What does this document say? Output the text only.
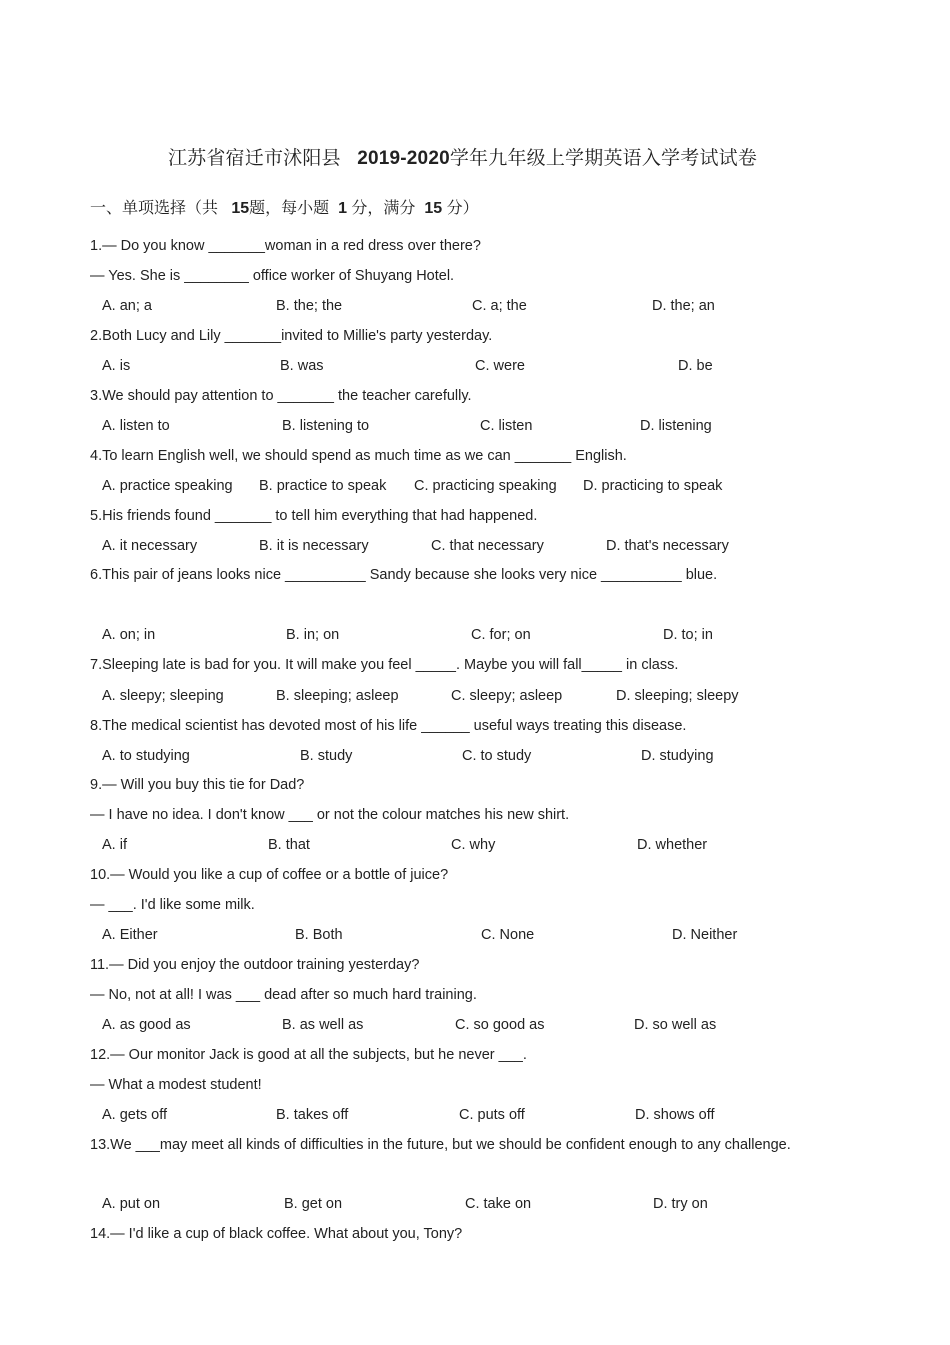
江苏省宿迁市沭阳县 2019-2020学年九年级上学期英语入学考试试卷
一、单项选择（共 15题，每小题 1 分，满分 15 分）
1.— Do you know _______woman in a red dress over there?
— Yes. She is ________ office worker of Shuyang Hotel.
A. an; a	B. the; the	C. a; the	D. the; an
2.Both Lucy and Lily _______invited to Millie's party yesterday.
A. is	B. was	C. were	D. be
3.We should pay attention to _______ the teacher carefully.
A. listen to	B. listening to	C. listen	D. listening
4.To learn English well, we should spend as much time as we can _______ English.
A. practice speaking B. practice to speak C. practicing speaking D. practicing to speak
5.His friends found _______ to tell him everything that had happened.
A. it necessary	B. it is necessary	C. that necessary	D. that's necessary
6.This pair of jeans looks nice __________ Sandy because she looks very nice __________ blue.
A. on; in	B. in; on	C. for; on	D. to; in
7.Sleeping late is bad for you. It will make you feel _____. Maybe you will fall_____ in class.
A. sleepy; sleeping	B. sleeping; asleep	C. sleepy; asleep	D. sleeping; sleepy
8.The medical scientist has devoted most of his life ______ useful ways treating this disease.
A. to studying	B. study	C. to study	D. studying
9.— Will you buy this tie for Dad?
— I have no idea. I don't know ___ or not the colour matches his new shirt.
A. if	B. that	C. why	D. whether
10.— Would you like a cup of coffee or a bottle of juice?
— ___. I'd like some milk.
A. Either	B. Both	C. None	D. Neither
11.— Did you enjoy the outdoor training yesterday?
— No, not at all! I was ___ dead after so much hard training.
A. as good as	B. as well as	C. so good as	D. so well as
12.— Our monitor Jack is good at all the subjects, but he never ___.
— What a modest student!
A. gets off	B. takes off	C. puts off	D. shows off
13.We ___may meet all kinds of difficulties in the future, but we should be confident enough to any challenge.
A. put on	B. get on	C. take on	D. try on
14.— I'd like a cup of black coffee. What about you, Tony?
